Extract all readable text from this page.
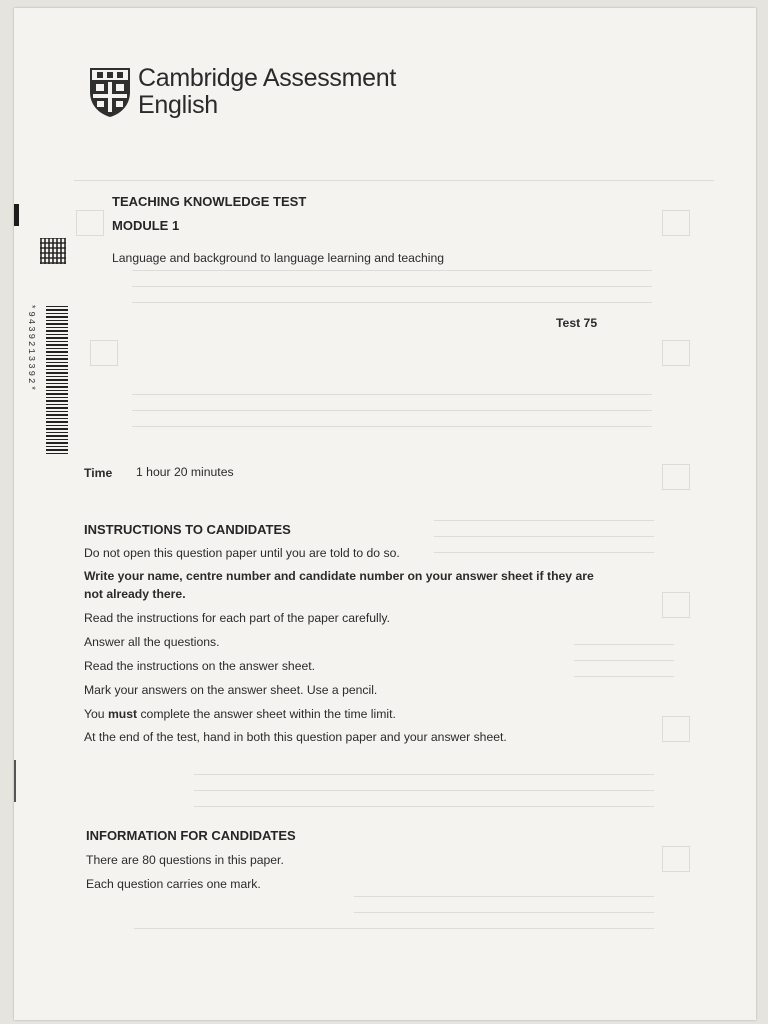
Cambridge Assessment
English
*9439213392*
TEACHING KNOWLEDGE TEST
MODULE 1
Language and background to language learning and teaching
Test 75
Time 1 hour 20 minutes
INSTRUCTIONS TO CANDIDATES
Do not open this question paper until you are told to do so.
Write your name, centre number and candidate number on your answer sheet if they are
not already there.
Read the instructions for each part of the paper carefully.
Answer all the questions.
Read the instructions on the answer sheet.
Mark your answers on the answer sheet. Use a pencil.
You must complete the answer sheet within the time limit.
At the end of the test, hand in both this question paper and your answer sheet.
INFORMATION FOR CANDIDATES
There are 80 questions in this paper.
Each question carries one mark.
